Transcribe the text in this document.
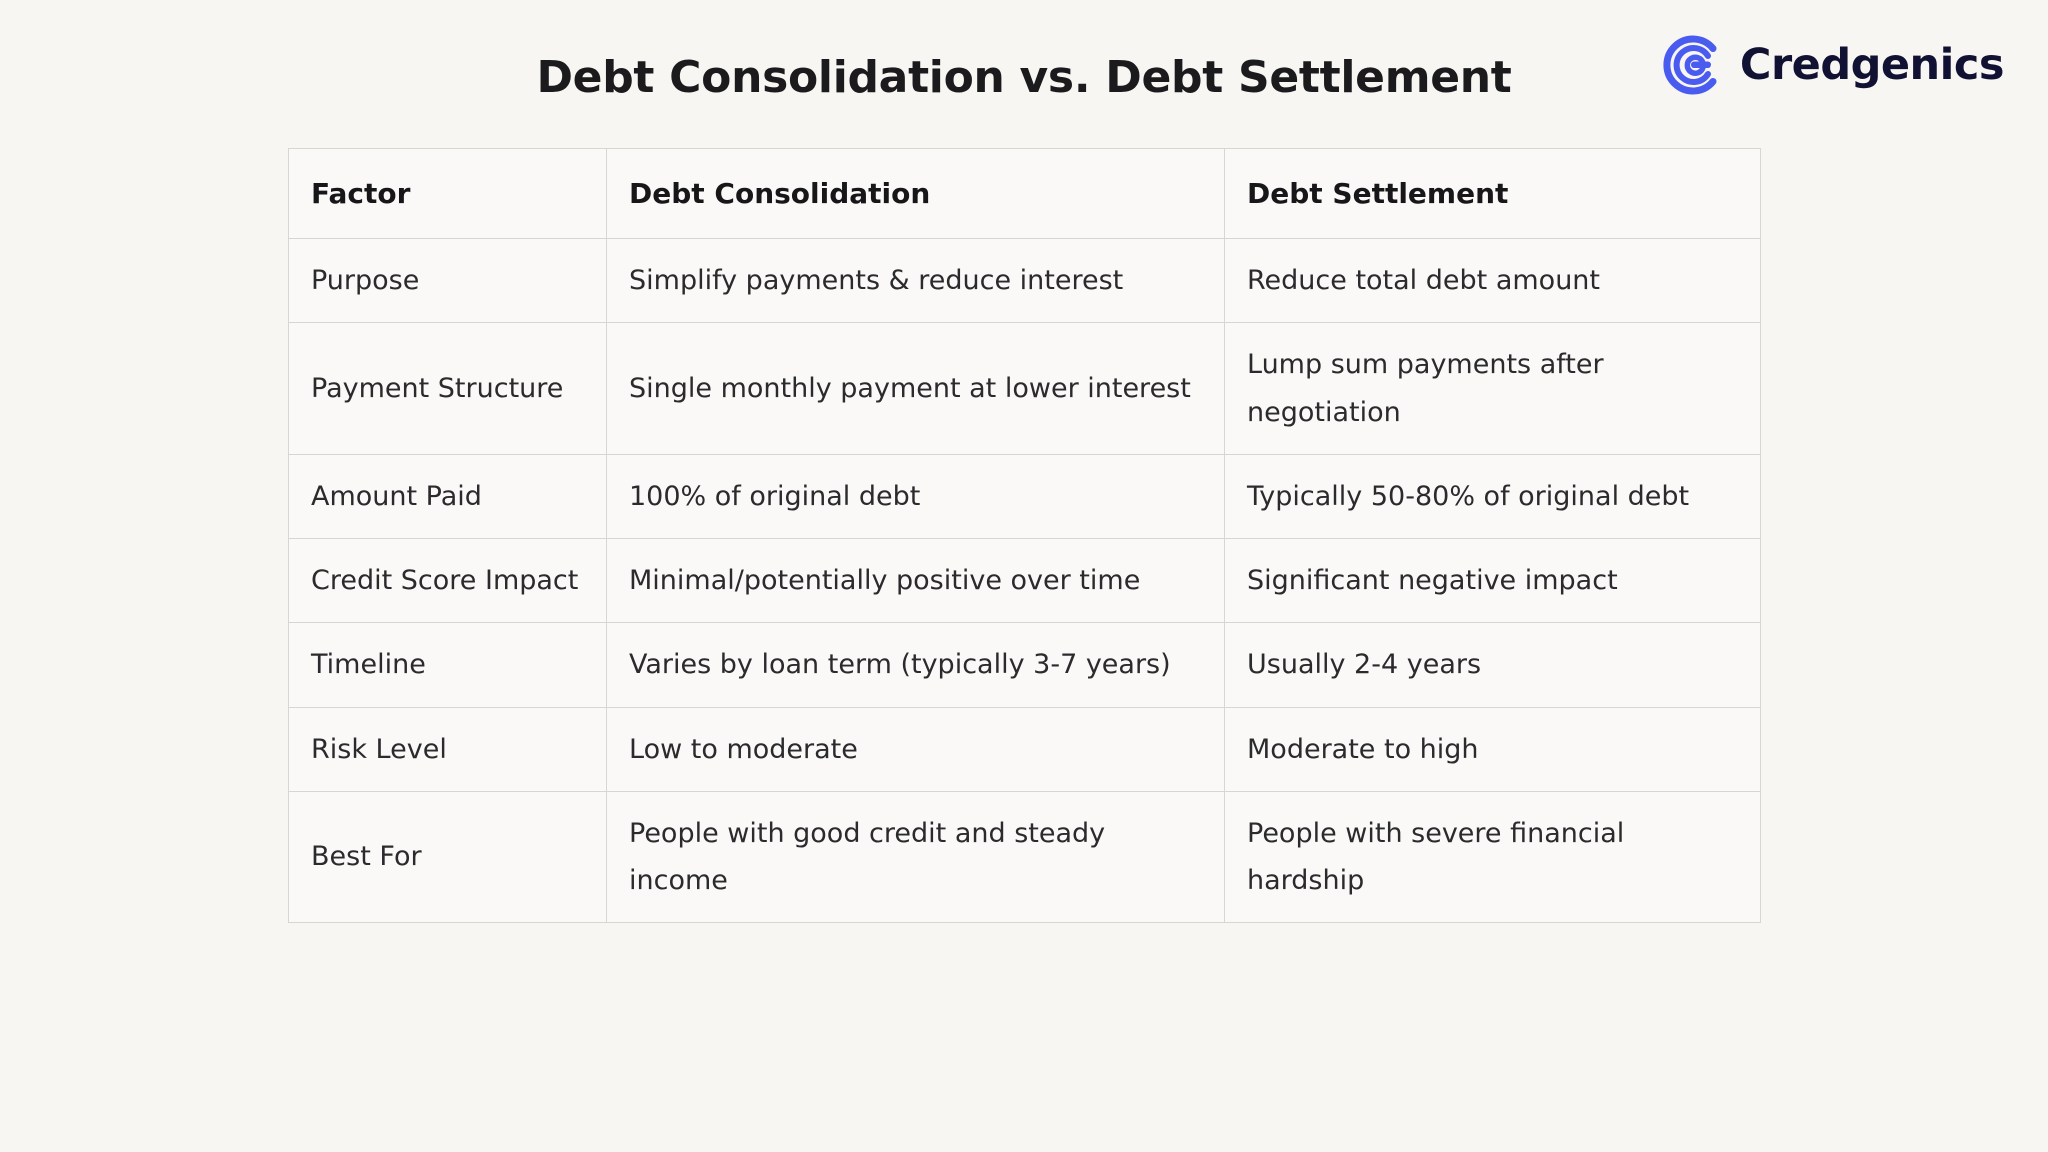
Credgenics
Debt Consolidation vs. Debt Settlement
Factor	Debt Consolidation	Debt Settlement
Purpose	Simplify payments & reduce interest	Reduce total debt amount
Payment Structure	Single monthly payment at lower interest	Lump sum payments after negotiation
Amount Paid	100% of original debt	Typically 50-80% of original debt
Credit Score Impact	Minimal/potentially positive over time	Significant negative impact
Timeline	Varies by loan term (typically 3-7 years)	Usually 2-4 years
Risk Level	Low to moderate	Moderate to high
Best For	People with good credit and steady income	People with severe financial hardship
